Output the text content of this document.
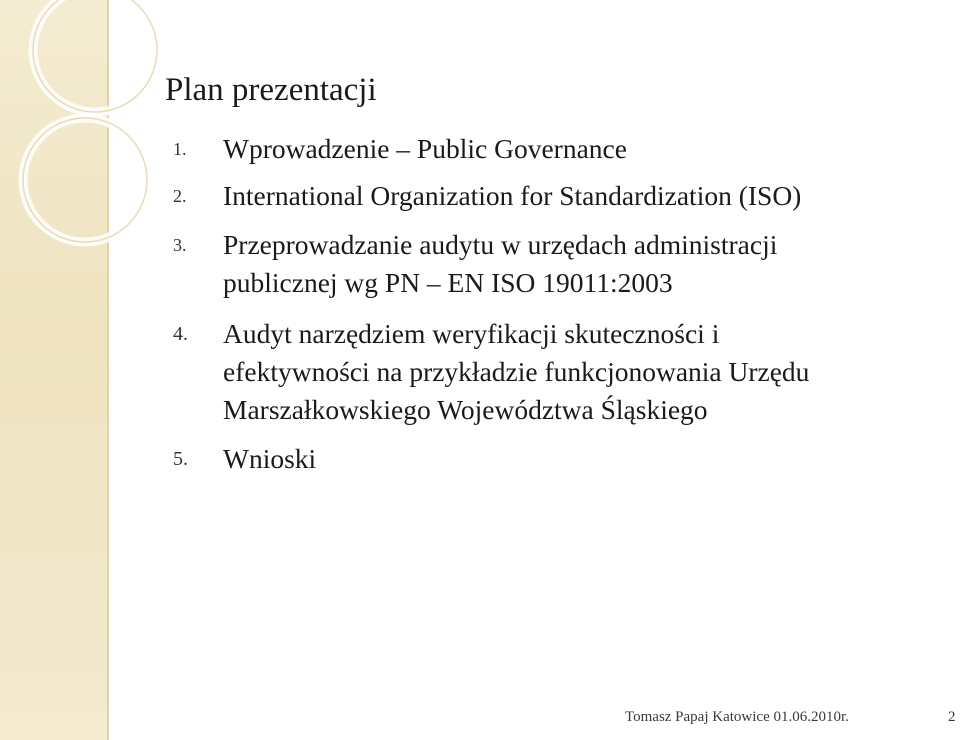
Plan prezentacji
1.	Wprowadzenie – Public Governance
2.	International Organization for Standardization (ISO)
3.	Przeprowadzanie audytu w urzędach administracji
publicznej wg PN – EN ISO 19011:2003
4.	Audyt narzędziem weryfikacji skuteczności i
efektywności na przykładzie funkcjonowania Urzędu
Marszałkowskiego Województwa Śląskiego
5.	Wnioski
Tomasz Papaj Katowice 01.06.2010r.	2
